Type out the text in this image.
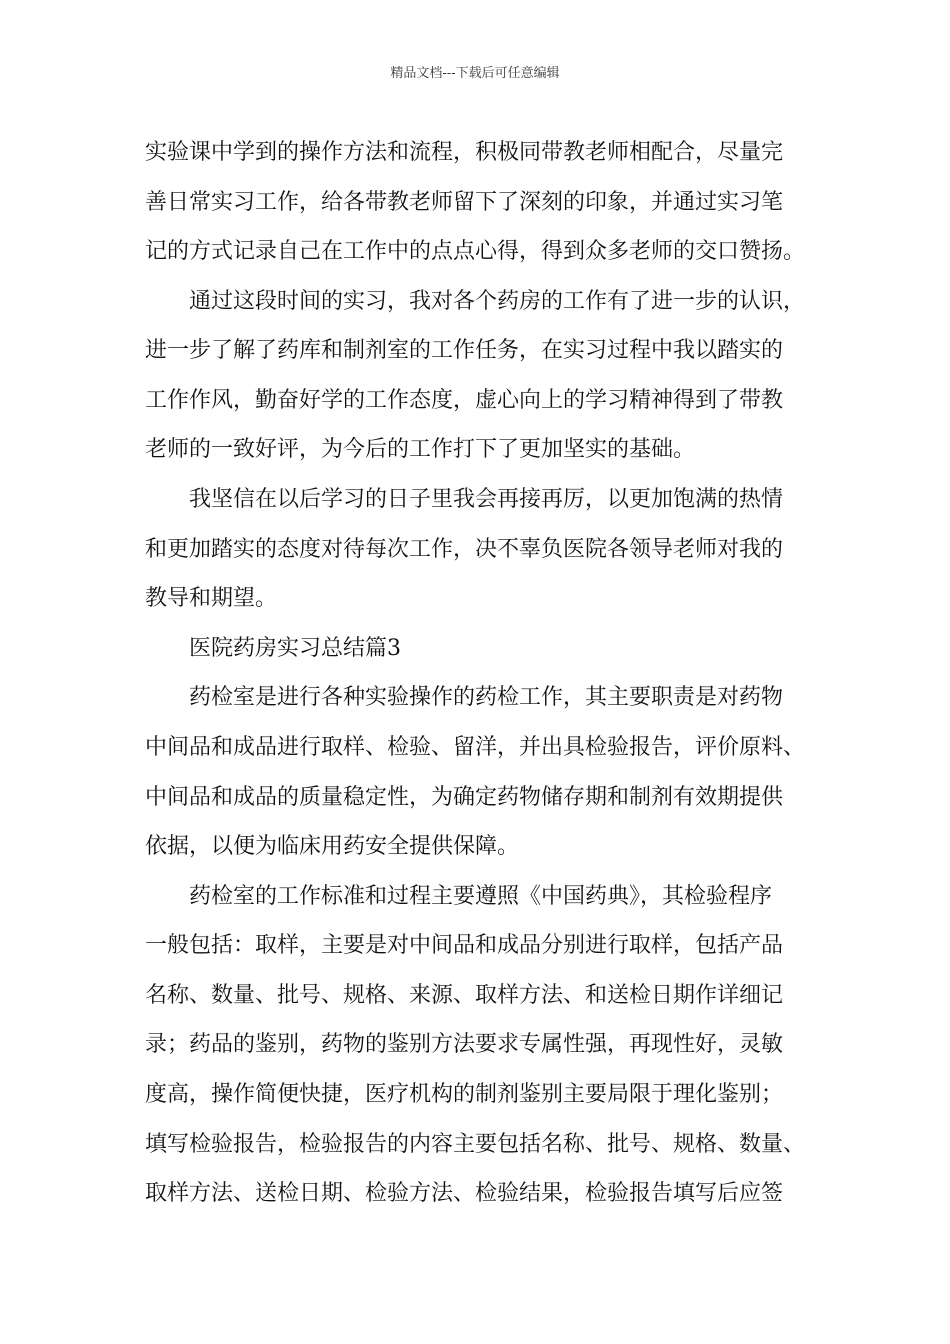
精品文档---下载后可任意编辑
实验课中学到的操作方法和流程，积极同带教老师相配合，尽量完
善日常实习工作，给各带教老师留下了深刻的印象，并通过实习笔
记的方式记录自己在工作中的点点心得，得到众多老师的交口赞扬。
通过这段时间的实习，我对各个药房的工作有了进一步的认识，
进一步了解了药库和制剂室的工作任务，在实习过程中我以踏实的
工作作风，勤奋好学的工作态度，虚心向上的学习精神得到了带教
老师的一致好评，为今后的工作打下了更加坚实的基础。
我坚信在以后学习的日子里我会再接再厉，以更加饱满的热情
和更加踏实的态度对待每次工作，决不辜负医院各领导老师对我的
教导和期望。
医院药房实习总结篇3
药检室是进行各种实验操作的药检工作，其主要职责是对药物
中间品和成品进行取样、检验、留洋，并出具检验报告，评价原料、
中间品和成品的质量稳定性，为确定药物储存期和制剂有效期提供
依据，以便为临床用药安全提供保障。
药检室的工作标准和过程主要遵照《中国药典》，其检验程序
一般包括：取样，主要是对中间品和成品分别进行取样，包括产品
名称、数量、批号、规格、来源、取样方法、和送检日期作详细记
录；药品的鉴别，药物的鉴别方法要求专属性强，再现性好，灵敏
度高，操作简便快捷，医疗机构的制剂鉴别主要局限于理化鉴别；
填写检验报告，检验报告的内容主要包括名称、批号、规格、数量、
取样方法、送检日期、检验方法、检验结果，检验报告填写后应签
